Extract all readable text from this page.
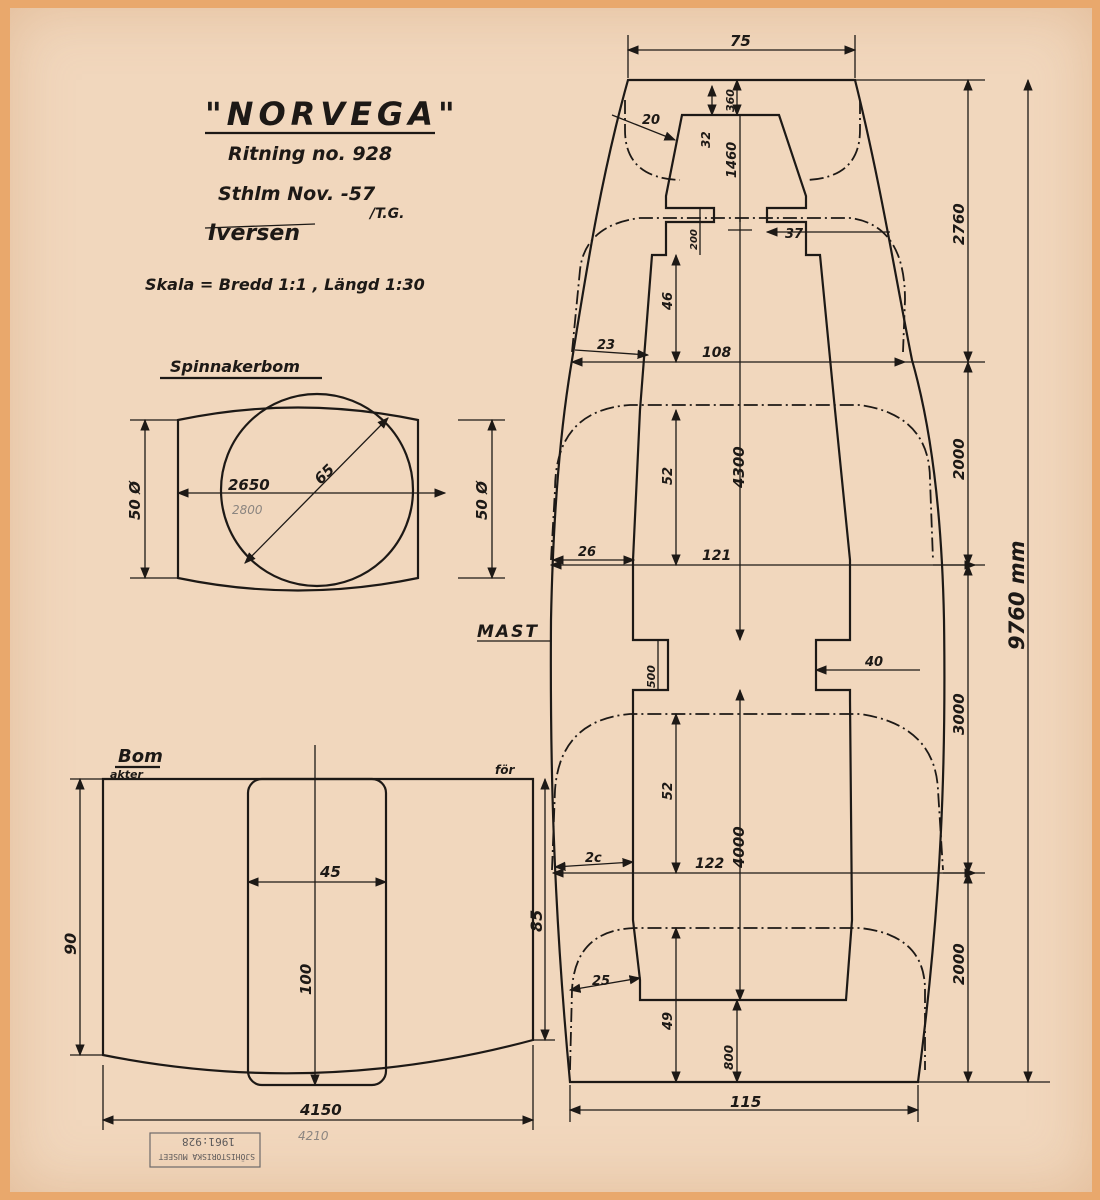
"NORVEGA"
Ritning no. 928
Sthlm Nov. -57
Iversen
/T.G.
Skala = Bredd 1:1 , Längd 1:30
Spinnakerbom
2650
2800
65
50 Ø	50 Ø
Bom
akter	för
45
100
90
85
4150
4210
MAST
75
115
108
121
122
20
23
26
2c
25
37
40
32
46
52
52
49
360
1460
4300
4000
800
200
500
2760
2000
3000
2000
9760 mm
SJÖHISTORISKA MUSEET
1961:928
